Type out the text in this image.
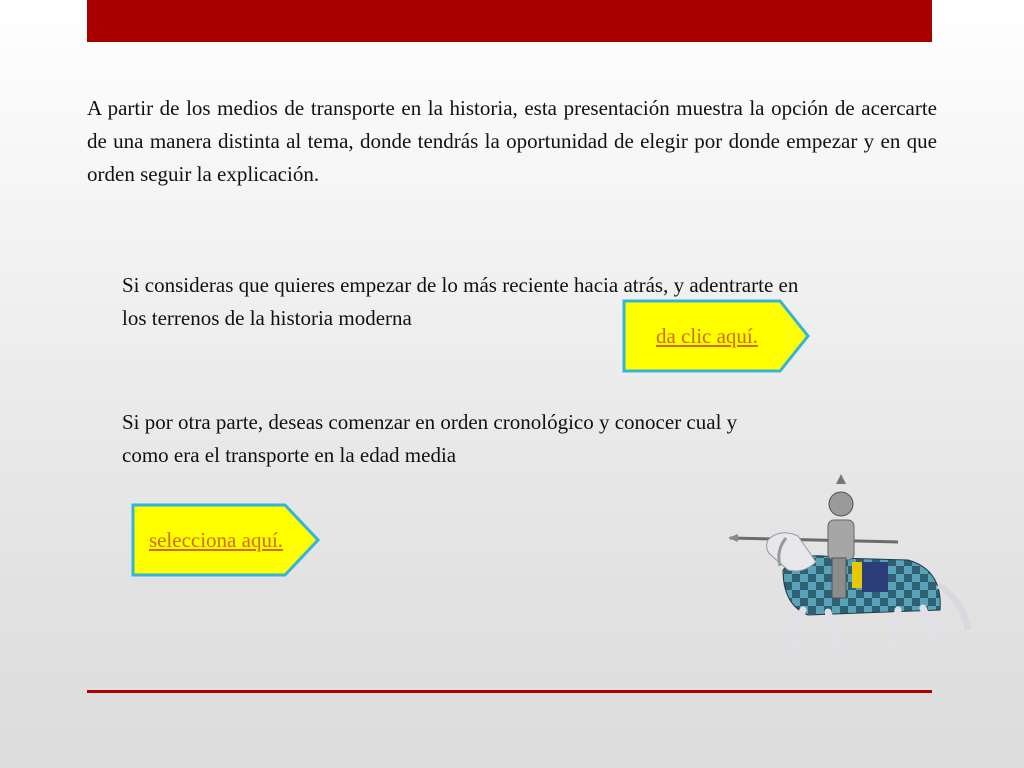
A partir de los medios de transporte en la historia, esta presentación muestra la opción de acercarte de una manera distinta al tema, donde tendrás la oportunidad de elegir por donde empezar y en que orden seguir la explicación.

Si consideras que quieres empezar de lo más reciente hacia atrás, y adentrarte en los terrenos de la historia moderna

da clic aquí.

Si por otra parte, deseas comenzar en orden cronológico y conocer cual y como era el transporte en la edad media

selecciona aquí.
